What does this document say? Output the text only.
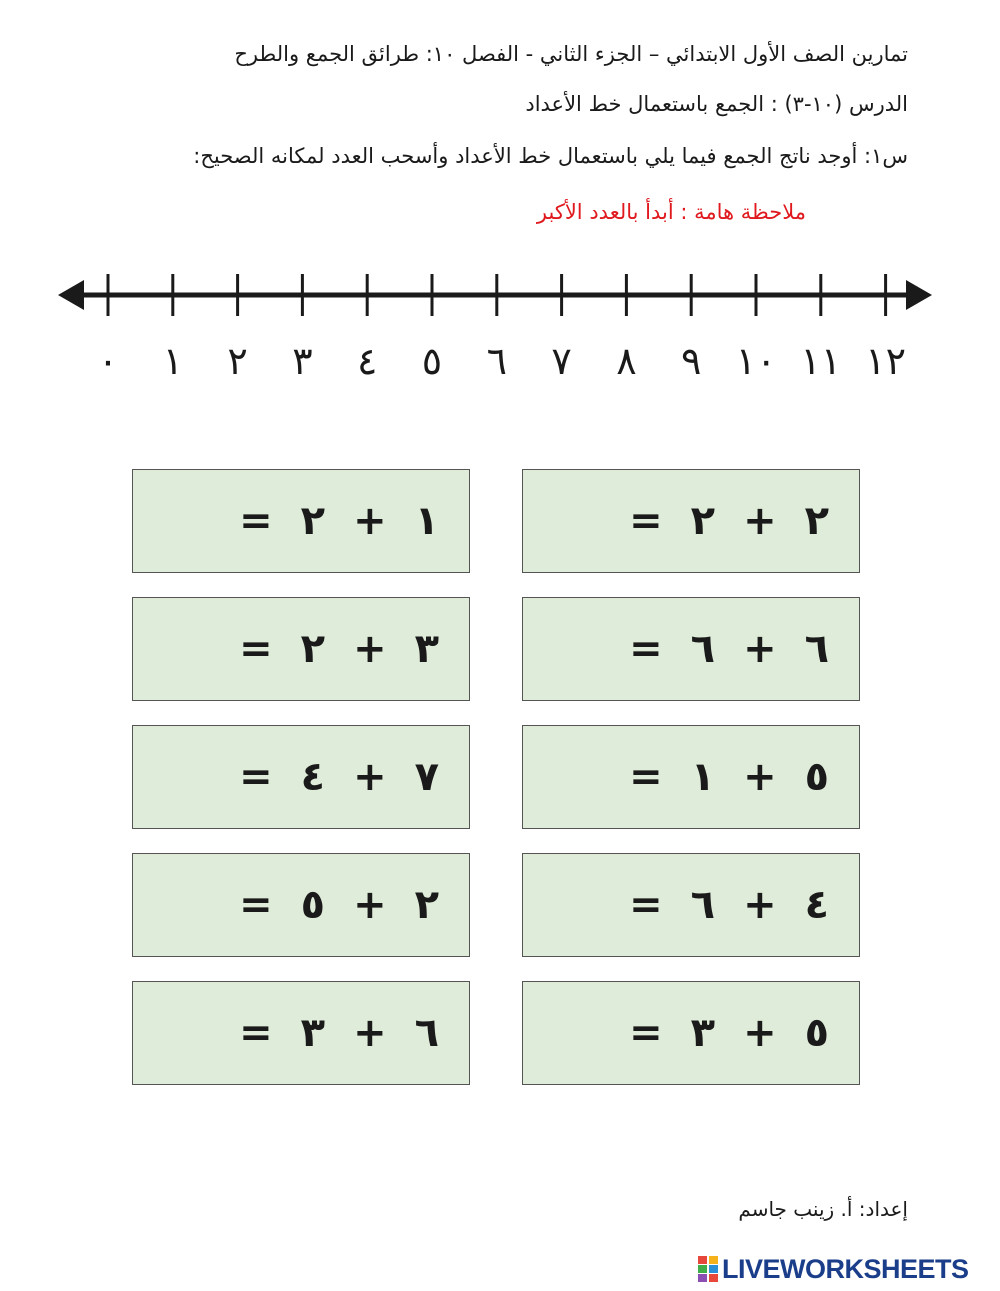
تمارين الصف الأول الابتدائي – الجزء الثاني - الفصل ١٠: طرائق الجمع والطرح
الدرس (١٠-٣) : الجمع باستعمال خط الأعداد
س١: أوجد ناتج الجمع فيما يلي باستعمال خط الأعداد وأسحب العدد لمكانه الصحيح:
ملاحظة هامة : أبدأ بالعدد الأكبر
٠ ١ ٢ ٣ ٤ ٥ ٦ ٧ ٨ ٩ ١٠ ١١ ١٢
١
+
٢
=
٣
+
٢
=
٧
+
٤
=
٢
+
٥
=
٦
+
٣
=
٢
+
٢
=
٦
+
٦
=
٥
+
١
=
٤
+
٦
=
٥
+
٣
=
إعداد: أ. زينب جاسم
LIVEWORKSHEETS
